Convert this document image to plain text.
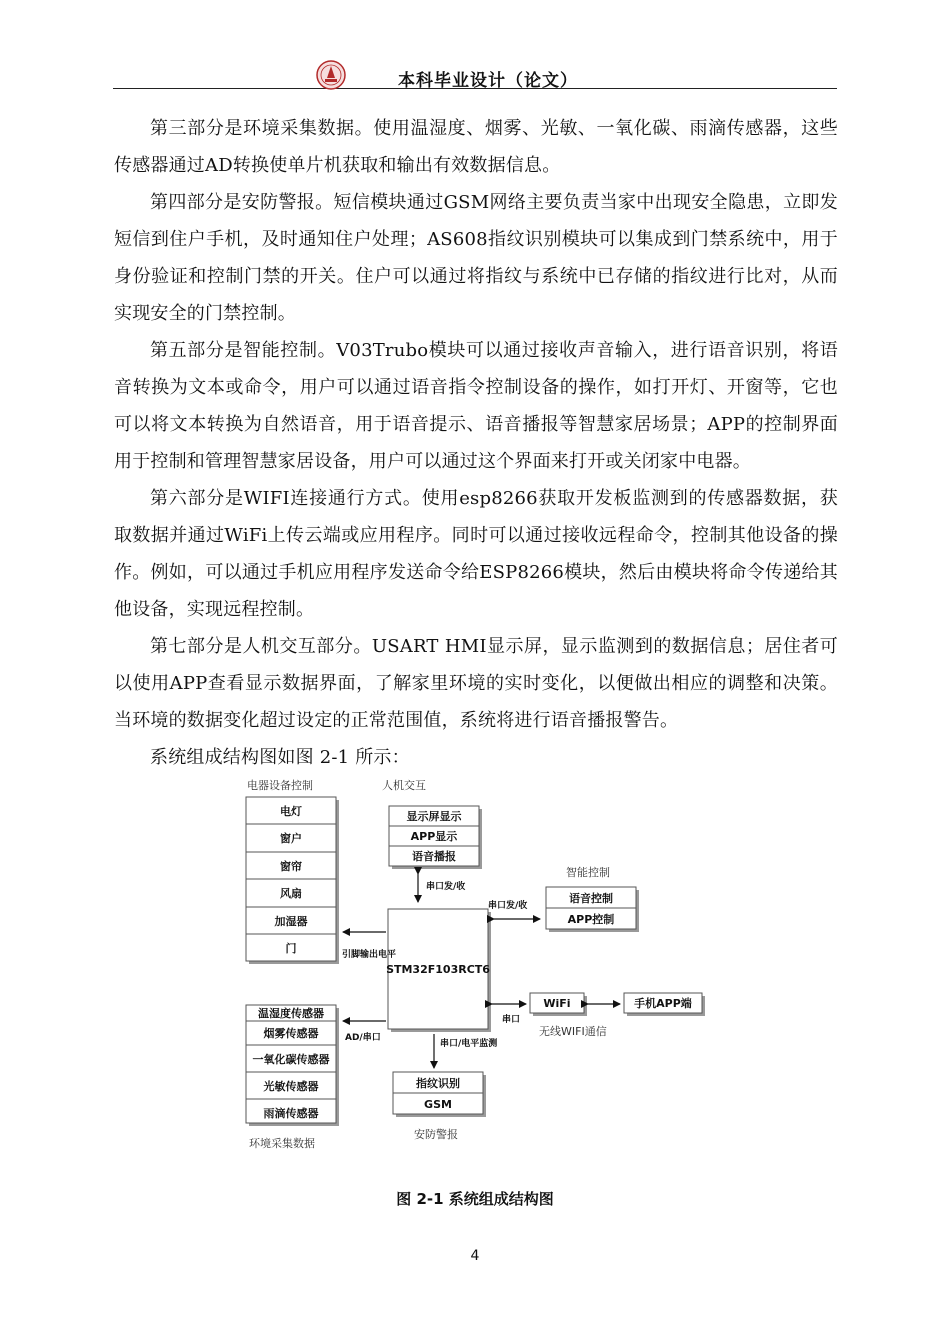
本科毕业设计（论文）

第三部分是环境采集数据。使用温湿度、烟雾、光敏、一氧化碳、雨滴传感器，这些传感器通过AD转换使单片机获取和输出有效数据信息。

第四部分是安防警报。短信模块通过GSM网络主要负责当家中出现安全隐患，立即发短信到住户手机，及时通知住户处理；AS608指纹识别模块可以集成到门禁系统中，用于身份验证和控制门禁的开关。住户可以通过将指纹与系统中已存储的指纹进行比对，从而实现安全的门禁控制。

第五部分是智能控制。V03Trubo模块可以通过接收声音输入，进行语音识别，将语音转换为文本或命令，用户可以通过语音指令控制设备的操作，如打开灯、开窗等，它也可以将文本转换为自然语音，用于语音提示、语音播报等智慧家居场景；APP的控制界面用于控制和管理智慧家居设备，用户可以通过这个界面来打开或关闭家中电器。

第六部分是WIFI连接通行方式。使用esp8266获取开发板监测到的传感器数据，获取数据并通过WiFi上传云端或应用程序。同时可以通过接收远程命令，控制其他设备的操作。例如，可以通过手机应用程序发送命令给ESP8266模块，然后由模块将命令传递给其他设备，实现远程控制。

第七部分是人机交互部分。USART HMI显示屏，显示监测到的数据信息；居住者可以使用APP查看显示数据界面，了解家里环境的实时变化，以便做出相应的调整和决策。当环境的数据变化超过设定的正常范围值，系统将进行语音播报警告。

系统组成结构图如图 2-1 所示：

电器设备控制
电灯
窗户
窗帘
风扇
加湿器
门
人机交互
显示屏显示
APP显示
语音播报
智能控制
语音控制
APP控制
STM32F103RCT6
温湿度传感器
烟雾传感器
一氧化碳传感器
光敏传感器
雨滴传感器
环境采集数据
指纹识别
GSM
安防警报
WiFi
无线WIFI通信
手机APP端
串口发/收
串口发/收
引脚输出电平
AD/串口
串口/电平监测
串口
图 2-1 系统组成结构图
4
